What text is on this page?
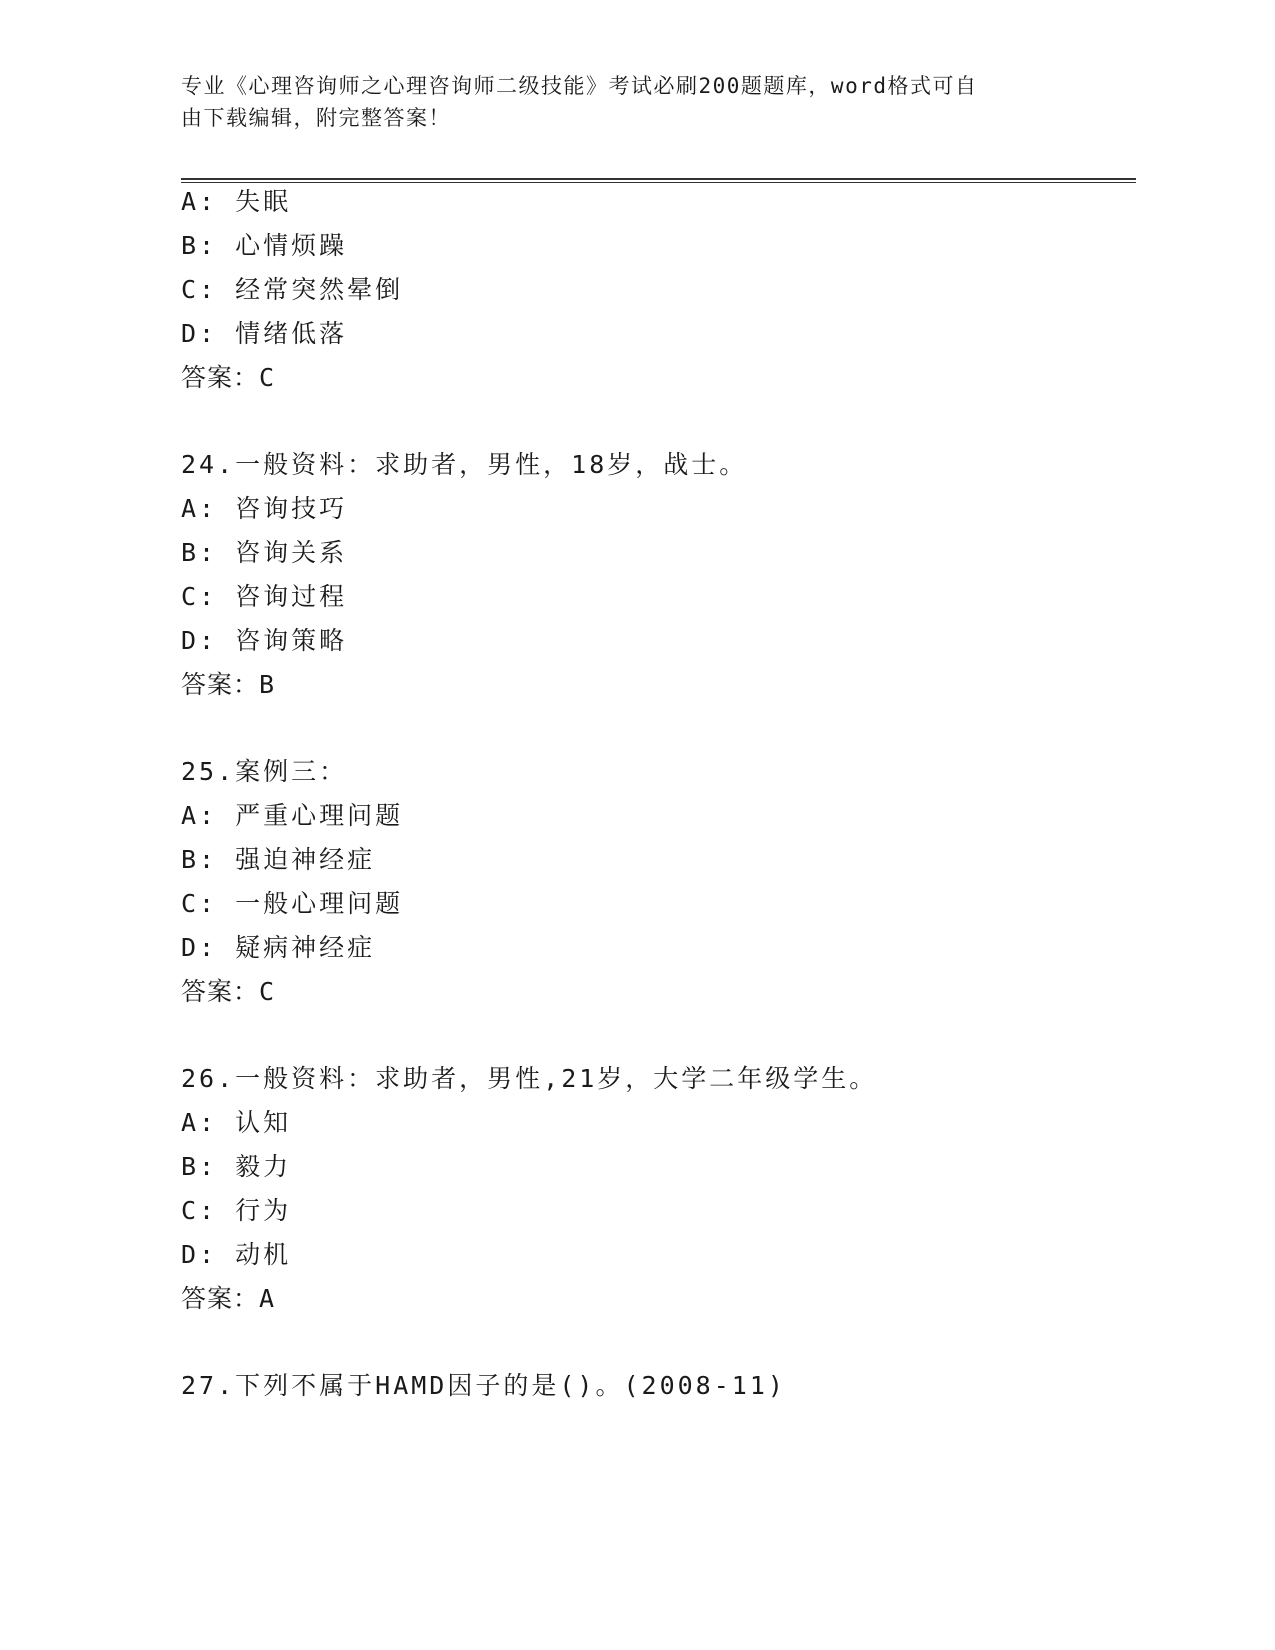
专业《心理咨询师之心理咨询师二级技能》考试必刷200题题库，word格式可自
由下载编辑，附完整答案！
A: 失眠
B: 心情烦躁
C: 经常突然晕倒
D: 情绪低落
答案：C
24.一般资料：求助者，男性，18岁，战士。
A: 咨询技巧
B: 咨询关系
C: 咨询过程
D: 咨询策略
答案：B
25.案例三：
A: 严重心理问题
B: 强迫神经症
C: 一般心理问题
D: 疑病神经症
答案：C
26.一般资料：求助者，男性,21岁，大学二年级学生。
A: 认知
B: 毅力
C: 行为
D: 动机
答案：A
27.下列不属于HAMD因子的是()。(2008-11)
